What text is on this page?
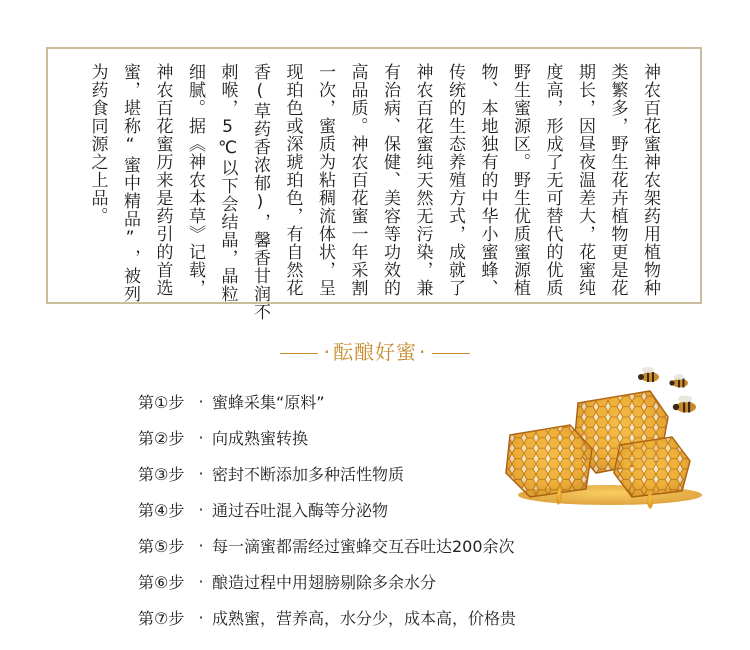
神农百花蜜神农架药用植物种
类繁多，野生花卉植物更是花
期长，因昼夜温差大，花蜜纯
度高，形成了无可替代的优质
野生蜜源区。野生优质蜜源植
物、本地独有的中华小蜜蜂、
传统的生态养殖方式，成就了
神农百花蜜纯天然无污染，兼
有治病、保健、美容等功效的
高品质。神农百花蜜一年采割
一次，蜜质为粘稠流体状，呈
现珀色或深琥珀色，有自然花
香(草药香浓郁)，馨香甘润不
刺喉，5℃以下会结晶，晶粒
细腻。据《神农本草》记载，
神农百花蜜历来是药引的首选
蜜，堪称“蜜中精品”，被列
为药食同源之上品。
· 酝酿好蜜 ·
第①步 · 蜜蜂采集“原料”
第②步 · 向成熟蜜转换
第③步 · 密封不断添加多种活性物质
第④步 · 通过吞吐混入酶等分泌物
第⑤步 · 每一滴蜜都需经过蜜蜂交互吞吐达200余次
第⑥步 · 酿造过程中用翅膀剔除多余水分
第⑦步 · 成熟蜜，营养高，水分少，成本高，价格贵
